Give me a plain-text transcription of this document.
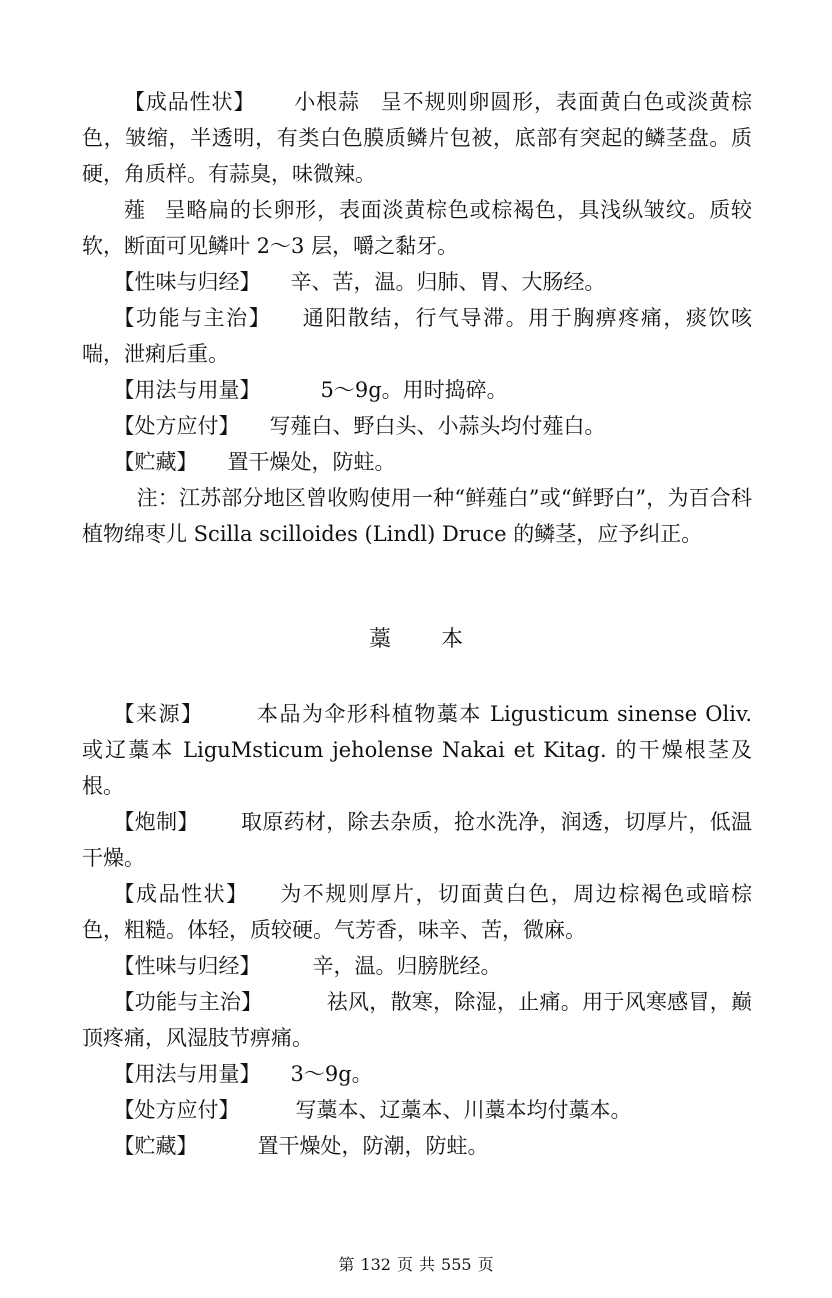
【成品性状】 小根蒜 呈不规则卵圆形，表面黄白色或淡黄棕色，皱缩，半透明，有类白色膜质鳞片包被，底部有突起的鳞茎盘。质硬，角质样。有蒜臭，味微辣。

薤 呈略扁的长卵形，表面淡黄棕色或棕褐色，具浅纵皱纹。质较软，断面可见鳞叶 2～3 层，嚼之黏牙。

【性味与归经】 辛、苦，温。归肺、胃、大肠经。

【功能与主治】 通阳散结，行气导滞。用于胸痹疼痛，痰饮咳喘，泄痢后重。

【用法与用量】	5～9g。用时捣碎。

【处方应付】 写薤白、野白头、小蒜头均付薤白。

【贮藏】 置干燥处，防蛀。

注：江苏部分地区曾收购使用一种“鲜薤白”或“鲜野白”，为百合科植物绵枣儿 Scilla scilloides (Lindl) Druce 的鳞茎，应予纠正。

藁 本

【来源】 本品为伞形科植物藁本 Ligusticum sinense Oliv. 或辽藁本 LiguMsticum jeholense Nakai et Kitag. 的干燥根茎及根。

【炮制】 取原药材，除去杂质，抢水洗净，润透，切厚片，低温干燥。

【成品性状】 为不规则厚片，切面黄白色，周边棕褐色或暗棕色，粗糙。体轻，质较硬。气芳香，味辛、苦，微麻。

【性味与归经】 辛，温。归膀胱经。

【功能与主治】	祛风，散寒，除湿，止痛。用于风寒感冒，巅顶疼痛，风湿肢节痹痛。

【用法与用量】 3～9g。

【处方应付】	写藁本、辽藁本、川藁本均付藁本。

【贮藏】	置干燥处，防潮，防蛀。

第 132 页 共 555 页
